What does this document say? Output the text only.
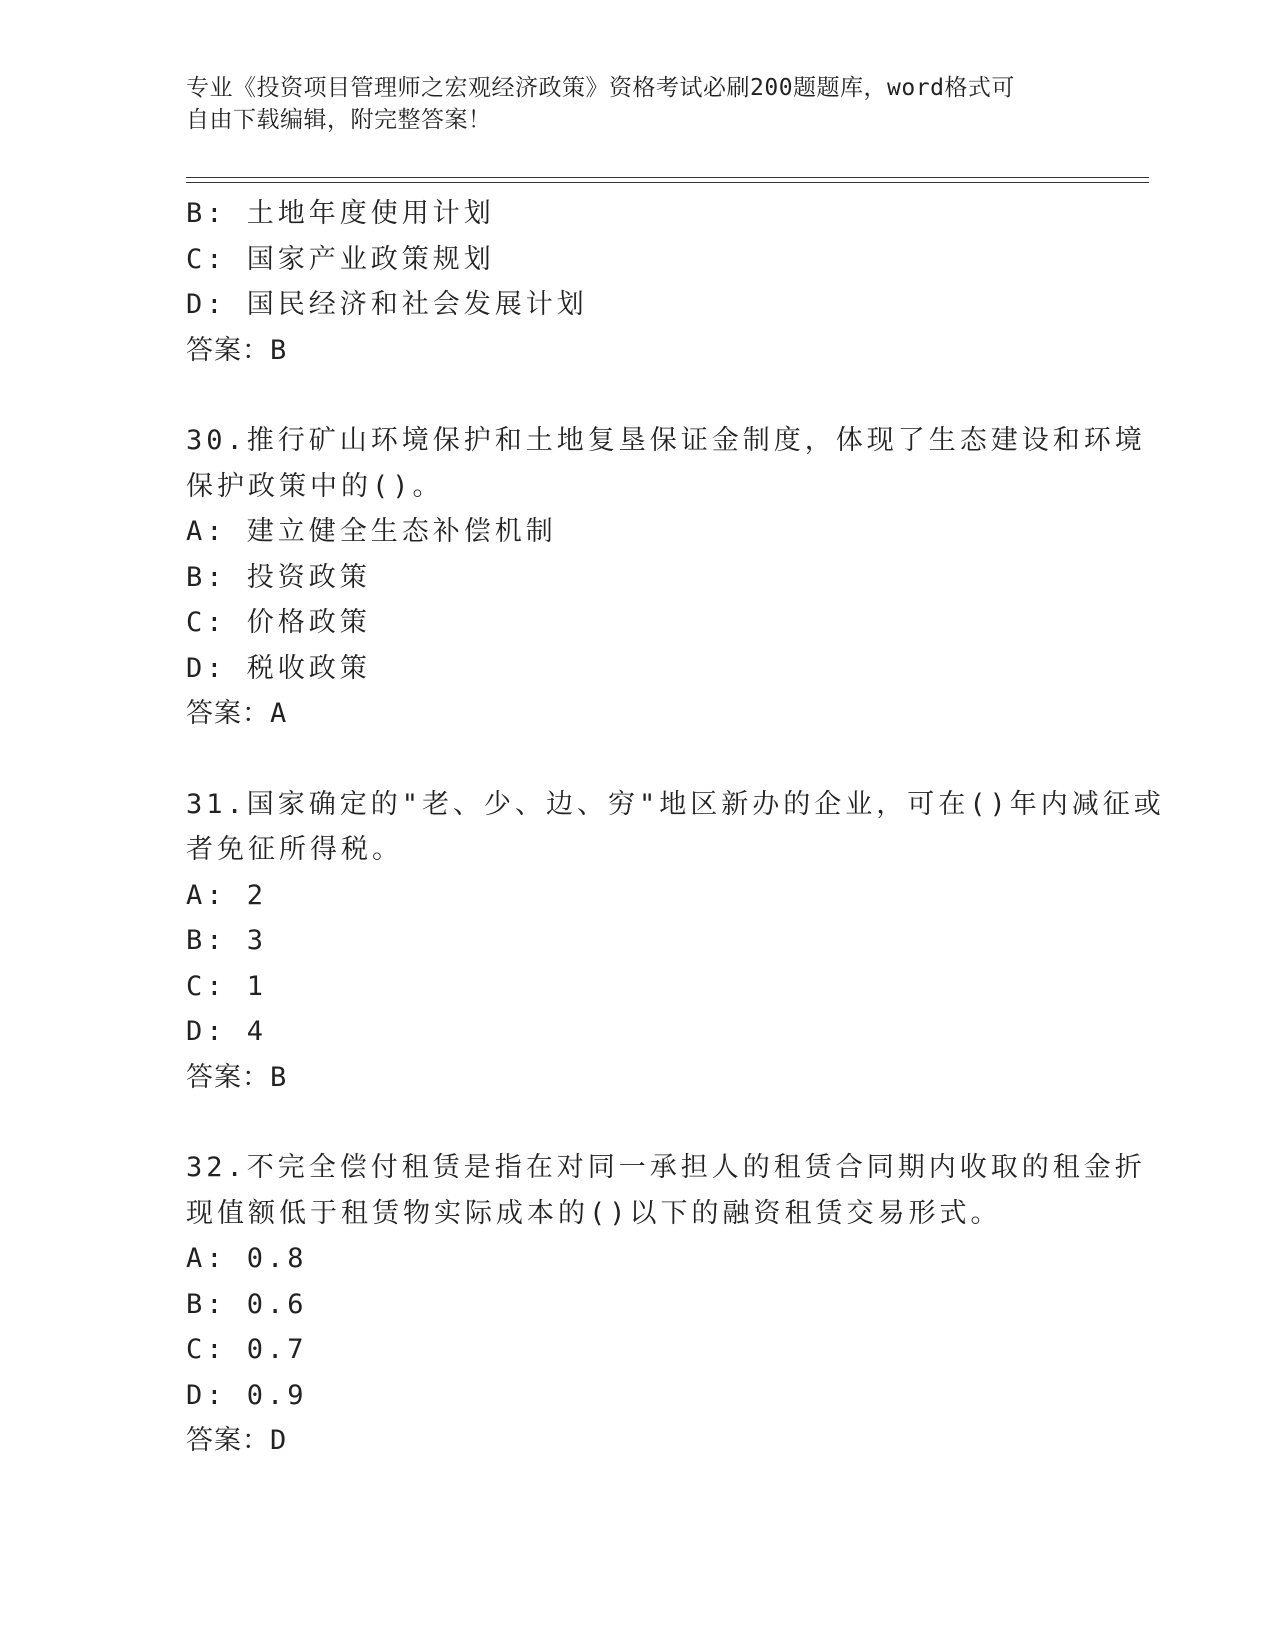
专业《投资项目管理师之宏观经济政策》资格考试必刷200题题库，word格式可
自由下载编辑，附完整答案！
B: 土地年度使用计划
C: 国家产业政策规划
D: 国民经济和社会发展计划
答案：B
30.推行矿山环境保护和土地复垦保证金制度，体现了生态建设和环境
保护政策中的()。
A: 建立健全生态补偿机制
B: 投资政策
C: 价格政策
D: 税收政策
答案：A
31.国家确定的"老、少、边、穷"地区新办的企业，可在()年内减征或
者免征所得税。
A: 2
B: 3
C: 1
D: 4
答案：B
32.不完全偿付租赁是指在对同一承担人的租赁合同期内收取的租金折
现值额低于租赁物实际成本的()以下的融资租赁交易形式。
A: 0.8
B: 0.6
C: 0.7
D: 0.9
答案：D
